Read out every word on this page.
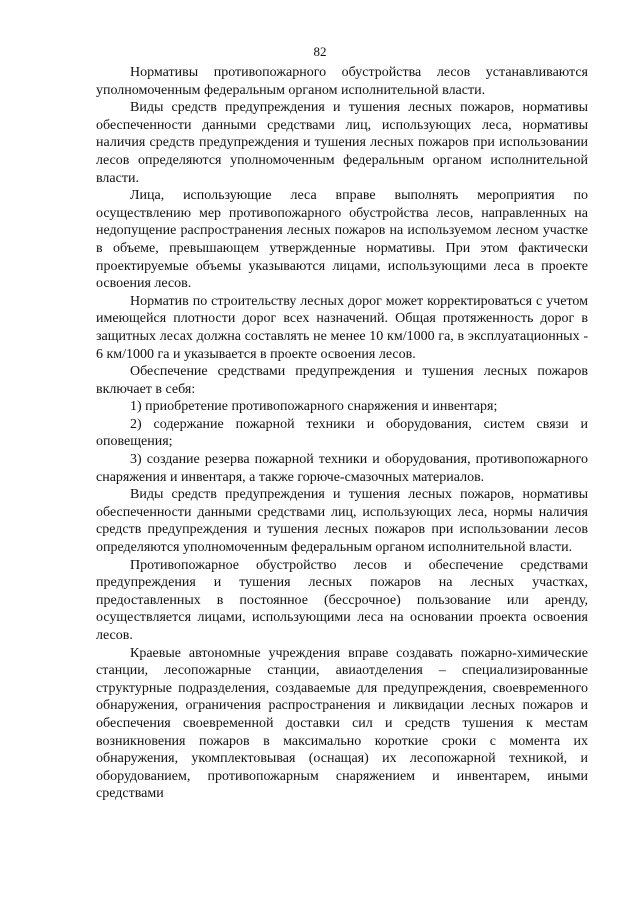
82

Нормативы противопожарного обустройства лесов устанавливаются уполномоченным федеральным органом исполнительной власти.

Виды средств предупреждения и тушения лесных пожаров, нормативы обеспеченности данными средствами лиц, использующих леса, нормативы наличия средств предупреждения и тушения лесных пожаров при использовании лесов определяются уполномоченным федеральным органом исполнительной власти.

Лица, использующие леса вправе выполнять мероприятия по осуществлению мер противопожарного обустройства лесов, направленных на недопущение распространения лесных пожаров на используемом лесном участке в объеме, превышающем утвержденные нормативы. При этом фактически проектируемые объемы указываются лицами, использующими леса в проекте освоения лесов.

Норматив по строительству лесных дорог может корректироваться с учетом имеющейся плотности дорог всех назначений. Общая протяженность дорог в защитных лесах должна составлять не менее 10 км/1000 га, в эксплуатационных - 6 км/1000 га и указывается в проекте освоения лесов.

Обеспечение средствами предупреждения и тушения лесных пожаров включает в себя:

1) приобретение противопожарного снаряжения и инвентаря;

2) содержание пожарной техники и оборудования, систем связи и оповещения;

3) создание резерва пожарной техники и оборудования, противопожарного снаряжения и инвентаря, а также горюче-смазочных материалов.

Виды средств предупреждения и тушения лесных пожаров, нормативы обеспеченности данными средствами лиц, использующих леса, нормы наличия средств предупреждения и тушения лесных пожаров при использовании лесов определяются уполномоченным федеральным органом исполнительной власти.

Противопожарное обустройство лесов и обеспечение средствами предупреждения и тушения лесных пожаров на лесных участках, предоставленных в постоянное (бессрочное) пользование или аренду, осуществляется лицами, использующими леса на основании проекта освоения лесов.

Краевые автономные учреждения вправе создавать пожарно-химические станции, лесопожарные станции, авиаотделения – специализированные структурные подразделения, создаваемые для предупреждения, своевременного обнаружения, ограничения распространения и ликвидации лесных пожаров и обеспечения своевременной доставки сил и средств тушения к местам возникновения пожаров в максимально короткие сроки с момента их обнаружения, укомплектовывая (оснащая) их лесопожарной техникой, и оборудованием, противопожарным снаряжением и инвентарем, иными средствами
